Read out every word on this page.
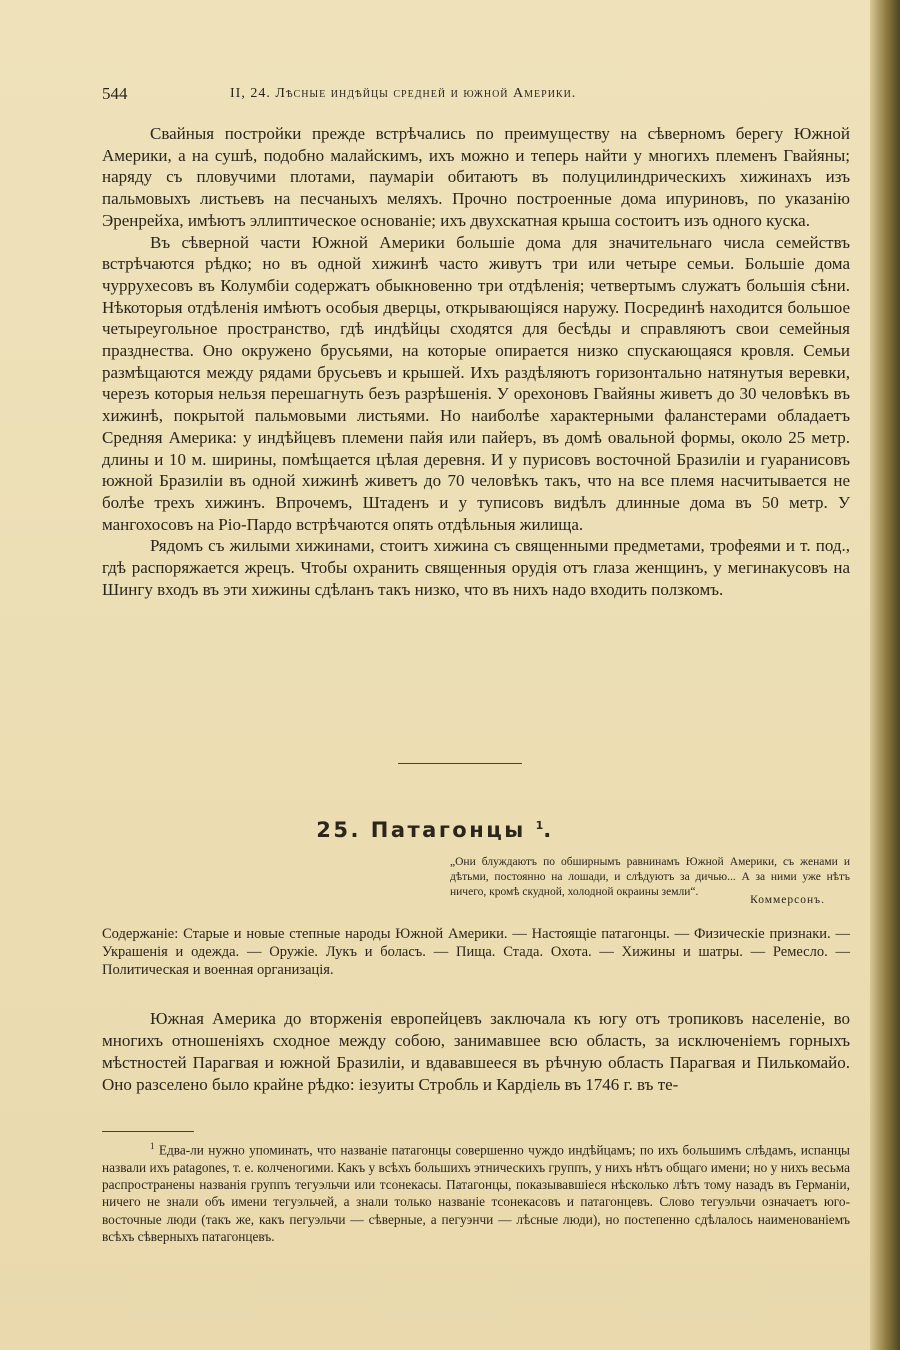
544	II, 24. Лѣсные индѣйцы средней и южной Америки.

Свайныя постройки прежде встрѣчались по преимуществу на сѣверномъ берегу Южной Америки, а на сушѣ, подобно малайскимъ, ихъ можно и теперь найти у многихъ племенъ Гвайяны; наряду съ пловучими плотами, паумаріи обитаютъ въ полуцилиндрическихъ хижинахъ изъ пальмовыхъ листьевъ на песчаныхъ меляхъ. Прочно построенные дома ипуриновъ, по указанію Эренрейха, имѣютъ эллиптическое основаніе; ихъ двухскатная крыша состоитъ изъ одного куска.

Въ сѣверной части Южной Америки большіе дома для значительнаго числа семействъ встрѣчаются рѣдко; но въ одной хижинѣ часто живутъ три или четыре семьи. Большіе дома чуррухесовъ въ Колумбіи содержатъ обыкновенно три отдѣленія; четвертымъ служатъ большія сѣни. Нѣкоторыя отдѣленія имѣютъ особыя дверцы, открывающіяся наружу. Посрединѣ находится большое четыреугольное пространство, гдѣ индѣйцы сходятся для бесѣды и справляютъ свои семейныя празднества. Оно окружено брусьями, на которые опирается низко спускающаяся кровля. Семьи размѣщаются между рядами брусьевъ и крышей. Ихъ раздѣляютъ горизонтально натянутыя веревки, черезъ которыя нельзя перешагнуть безъ разрѣшенія. У орехоновъ Гвайяны живетъ до 30 человѣкъ въ хижинѣ, покрытой пальмовыми листьями. Но наиболѣе характерными фаланстерами обладаетъ Средняя Америка: у индѣйцевъ племени пайя или пайеръ, въ домѣ овальной формы, около 25 метр. длины и 10 м. ширины, помѣщается цѣлая деревня. И у пурисовъ восточной Бразиліи и гуаранисовъ южной Бразиліи въ одной хижинѣ живетъ до 70 человѣкъ такъ, что на все племя насчитывается не болѣе трехъ хижинъ. Впрочемъ, Штаденъ и у туписовъ видѣлъ длинные дома въ 50 метр. У мангохосовъ на Ріо-Пардо встрѣчаются опять отдѣльныя жилища.

Рядомъ съ жилыми хижинами, стоитъ хижина съ священными предметами, трофеями и т. под., гдѣ распоряжается жрецъ. Чтобы охранить священныя орудія отъ глаза женщинъ, у мегинакусовъ на Шингу входъ въ эти хижины сдѣланъ такъ низко, что въ нихъ надо входить ползкомъ.

25. Патагонцы $^1$.
„Они блуждаютъ по обширнымъ равнинамъ Южной Америки, съ женами и дѣтьми, постоянно на лошади, и слѣдуютъ за дичью... А за ними уже нѣтъ ничего, кромѣ скудной, холодной окраины земли“.
Коммерсонъ.
Содержаніе: Старые и новые степные народы Южной Америки. — Настоящіе патагонцы. — Физическіе признаки. — Украшенія и одежда. — Оружіе. Лукъ и боласъ. — Пища. Стада. Охота. — Хижины и шатры. — Ремесло. — Политическая и военная организація.

Южная Америка до вторженія европейцевъ заключала къ югу отъ тропиковъ населеніе, во многихъ отношеніяхъ сходное между собою, занимавшее всю область, за исключеніемъ горныхъ мѣстностей Парагвая и южной Бразиліи, и вдававшееся въ рѣчную область Парагвая и Пилькомайо. Оно разселено было крайне рѣдко: іезуиты Стробль и Кардіель въ 1746 г. въ те-

$^1$ Едва-ли нужно упоминать, что названіе патагонцы совершенно чуждо индѣйцамъ; по ихъ большимъ слѣдамъ, испанцы назвали ихъ patagones, т. е. колченогими. Какъ у всѣхъ большихъ этническихъ группъ, у нихъ нѣтъ общаго имени; но у нихъ весьма распространены названія группъ тегуэльчи или тсонекасы. Патагонцы, показывавшіеся нѣсколько лѣтъ тому назадъ въ Германіи, ничего не знали объ имени тегуэльчей, а знали только названіе тсонекасовъ и патагонцевъ. Слово тегуэльчи означаетъ юго-восточные люди (такъ же, какъ пегуэльчи — сѣверные, а пегуэнчи — лѣсные люди), но постепенно сдѣлалось наименованіемъ всѣхъ сѣверныхъ патагонцевъ.
